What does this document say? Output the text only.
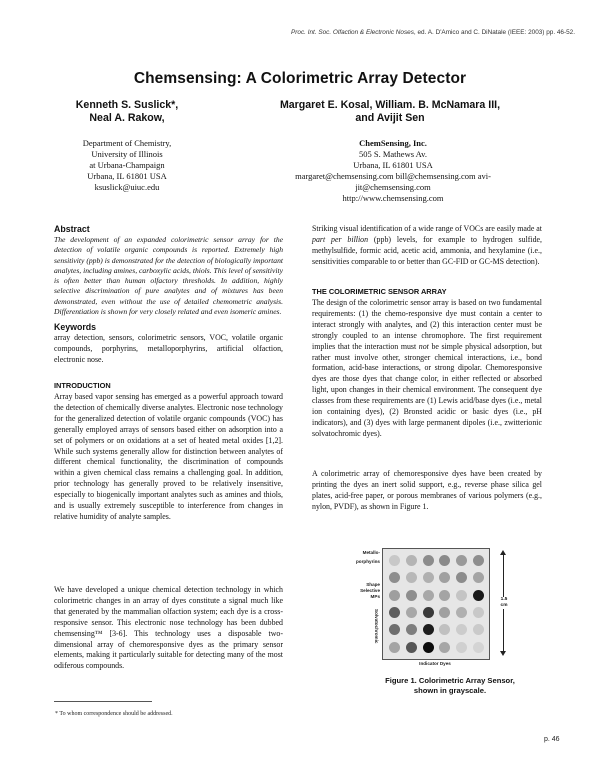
Proc. Int. Soc. Olfaction & Electronic Noses, ed. A. D'Amico and C. DiNatale (IEEE: 2003) pp. 46-52.
Chemsensing: A Colorimetric Array Detector
Kenneth S. Suslick*,
Neal A. Rakow,
Department of Chemistry,
University of Illinois
at Urbana-Champaign
Urbana, IL 61801 USA
ksuslick@uiuc.edu
Margaret E. Kosal, William. B. McNamara III,
and Avijit Sen
ChemSensing, Inc.
505 S. Mathews Av.
Urbana, IL 61801 USA
margaret@chemsensing.com bill@chemsensing.com avi-
jit@chemsensing.com
http://www.chemsensing.com
Abstract
The development of an expanded colorimetric sensor array for the detection of volatile organic compounds is reported. Extremely high sensitivity (ppb) is demonstrated for the detection of biologically important analytes, including amines, carboxylic acids, thiols. This level of sensitivity is often better than human olfactory thresholds. In addition, highly selective discrimination of pure analytes and of mixtures has been demonstrated, even without the use of detailed chemometric analysis. Differentiation is shown for very closely related and even isomeric amines.
Keywords
array detection, sensors, colorimetric sensors, VOC, volatile organic compounds, porphyrins, metalloporphyrins, artificial olfaction, electronic nose.
INTRODUCTION
Array based vapor sensing has emerged as a powerful approach toward the detection of chemically diverse analytes. Electronic nose technology for the generalized detection of volatile organic compounds (VOC) has generally employed arrays of sensors based either on adsorption into a set of polymers or on oxidations at a set of heated metal oxides [1,2]. While such systems generally allow for distinction between analytes of different chemical functionality, the discrimination of compounds within a given chemical class remains a challenging goal. In addition, prior technology has generally proved to be relatively insensitive, especially to biogenically important analytes such as amines and thiols, and is usually extremely susceptible to interference from changes in relative humidity of analyte samples.
We have developed a unique chemical detection technology in which colorimetric changes in an array of dyes constitute a signal much like that generated by the mammalian olfaction system; each dye is a cross-responsive sensor. This electronic nose technology has been dubbed chemsensing™ [3-6]. This technology uses a disposable two-dimensional array of chemoresponsive dyes as the primary sensor elements, making it particularly suitable for detecting many of the most odiferous compounds.
Striking visual identification of a wide range of VOCs are easily made at part per billion (ppb) levels, for example to hydrogen sulfide, methylsulfide, formic acid, acetic acid, ammonia, and hexylamine (i.e., sensitivities comparable to or better than GC-FID or GC-MS detection).
THE COLORIMETRIC SENSOR ARRAY
The design of the colorimetric sensor array is based on two fundamental requirements: (1) the chemo-responsive dye must contain a center to interact strongly with analytes, and (2) this interaction center must be strongly coupled to an intense chromophore. The first requirement implies that the interaction must not be simple physical adsorption, but rather must involve other, stronger chemical interactions, i.e., bond formation, acid-base interactions, or strong dipolar. Chemoresponsive dyes are those dyes that change color, in either reflected or absorbed light, upon changes in their chemical environment. The consequent dye classes from these requirements are (1) Lewis acid/base dyes (i.e., metal ion containing dyes), (2) Bronsted acidic or basic dyes (i.e., pH indicators), and (3) dyes with large permanent dipoles (i.e., zwitterionic solvatochromic dyes).
A colorimetric array of chemoresponsive dyes have been created by printing the dyes an inert solid support, e.g., reverse phase silica gel plates, acid-free paper, or porous membranes of various polymers (e.g., nylon, PVDF), as shown in Figure 1.
Metallo-
porphyrins
Shape
Selective
MPs
Solvatochromic
1.5
cm
Indicator Dyes
Figure 1. Colorimetric Array Sensor,
shown in grayscale.
* To whom correspondence should be addressed.
p. 46
